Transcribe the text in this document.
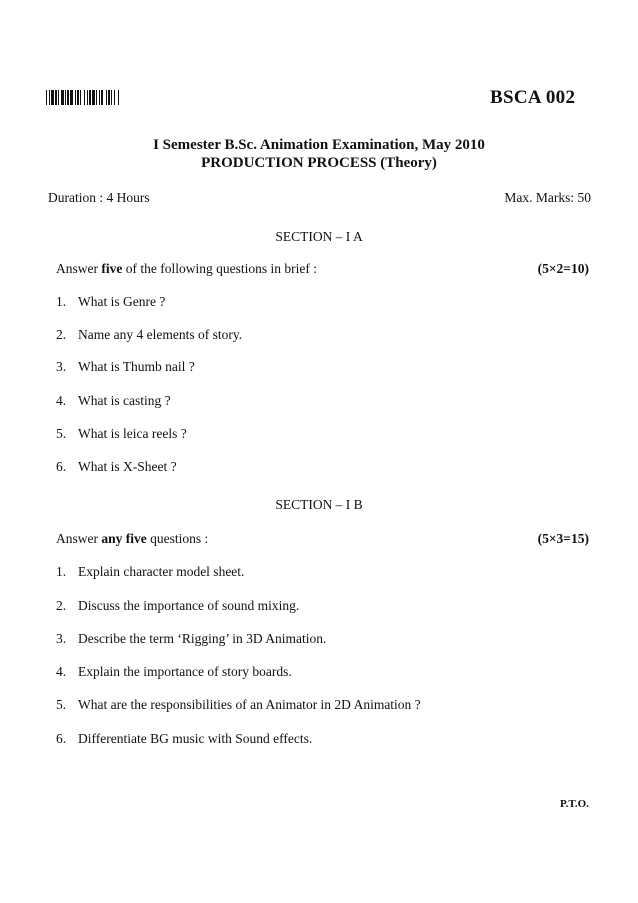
BSCA 002
I Semester B.Sc. Animation Examination, May 2010
PRODUCTION PROCESS (Theory)
Duration : 4 Hours	Max. Marks: 50
SECTION – I A
Answer five of the following questions in brief :	(5×2=10)
1. What is Genre ?
2. Name any 4 elements of story.
3. What is Thumb nail ?
4. What is casting ?
5. What is leica reels ?
6. What is X-Sheet ?
SECTION – I B
Answer any five questions :	(5×3=15)
1. Explain character model sheet.
2. Discuss the importance of sound mixing.
3. Describe the term ‘Rigging’ in 3D Animation.
4. Explain the importance of story boards.
5. What are the responsibilities of an Animator in 2D Animation ?
6. Differentiate BG music with Sound effects.
P.T.O.
